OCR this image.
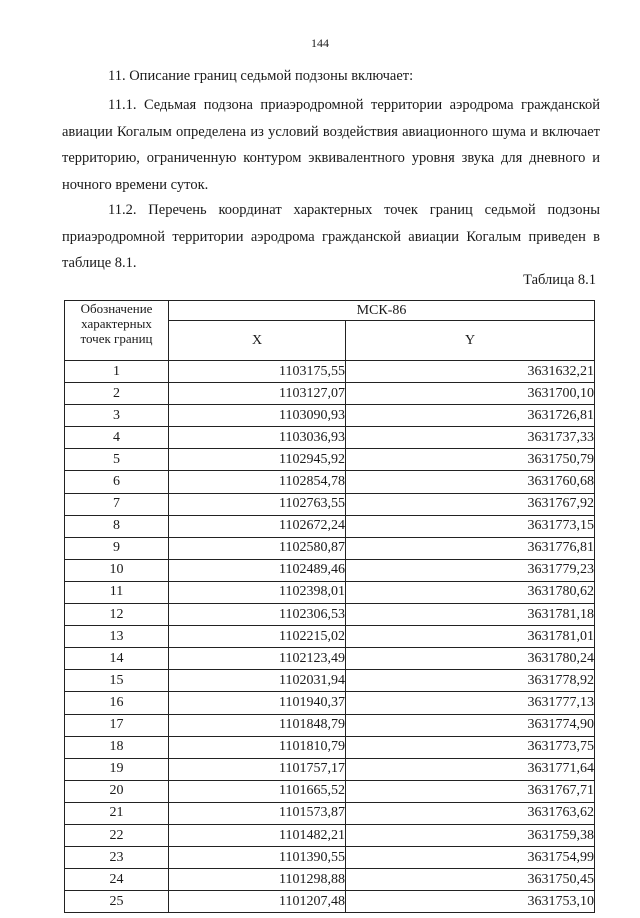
144
11. Описание границ седьмой подзоны включает:

11.1. Седьмая подзона приаэродромной территории аэродрома гражданской авиации Когалым определена из условий воздействия авиационного шума и включает территорию, ограниченную контуром эквивалентного уровня звука для дневного и ночного времени суток.

11.2. Перечень координат характерных точек границ седьмой подзоны приаэродромной территории аэродрома гражданской авиации Когалым приведен в таблице 8.1.

Таблица 8.1
Обозначение характерных точек границ	МСК-86	
	X	Y
1	1103175,55	3631632,21
2	1103127,07	3631700,10
3	1103090,93	3631726,81
4	1103036,93	3631737,33
5	1102945,92	3631750,79
6	1102854,78	3631760,68
7	1102763,55	3631767,92
8	1102672,24	3631773,15
9	1102580,87	3631776,81
10	1102489,46	3631779,23
11	1102398,01	3631780,62
12	1102306,53	3631781,18
13	1102215,02	3631781,01
14	1102123,49	3631780,24
15	1102031,94	3631778,92
16	1101940,37	3631777,13
17	1101848,79	3631774,90
18	1101810,79	3631773,75
19	1101757,17	3631771,64
20	1101665,52	3631767,71
21	1101573,87	3631763,62
22	1101482,21	3631759,38
23	1101390,55	3631754,99
24	1101298,88	3631750,45
25	1101207,48	3631753,10
